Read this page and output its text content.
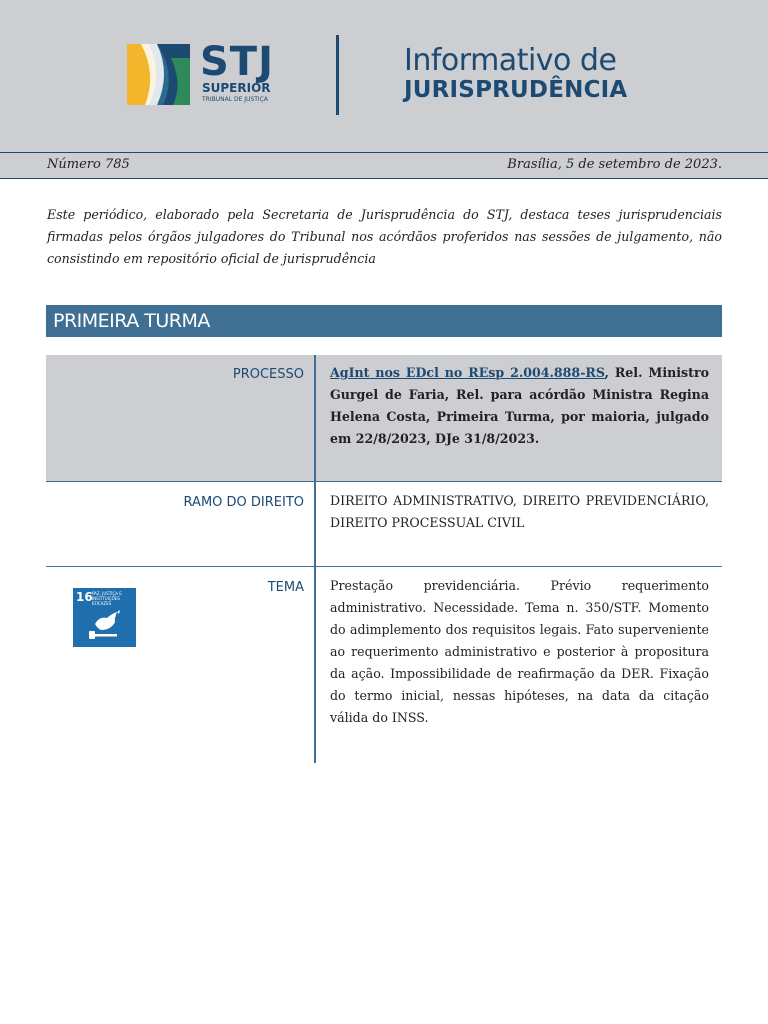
STJ
SUPERIOR
TRIBUNAL DE JUSTIÇA
Informativo de
JURISPRUDÊNCIA
Número 785	Brasília, 5 de setembro de 2023.
Este periódico, elaborado pela Secretaria de Jurisprudência do STJ, destaca teses jurisprudenciais firmadas pelos órgãos julgadores do Tribunal nos acórdãos proferidos nas sessões de julgamento, não consistindo em repositório oficial de jurisprudência
PRIMEIRA TURMA
PROCESSO AgInt nos EDcl no REsp 2.004.888-RS, Rel. Ministro Gurgel de Faria, Rel. para acórdão Ministra Regina Helena Costa, Primeira Turma, por maioria, julgado em 22/8/2023, DJe 31/8/2023.
RAMO DO DIREITO DIREITO ADMINISTRATIVO, DIREITO PREVIDENCIÁRIO, DIREITO PROCESSUAL CIVIL
16 PAZ, JUSTIÇA E INSTITUIÇÕES EFICAZES
TEMA Prestação previdenciária. Prévio requerimento administrativo. Necessidade. Tema n. 350/STF. Momento do adimplemento dos requisitos legais. Fato superveniente ao requerimento administrativo e posterior à propositura da ação. Impossibilidade de reafirmação da DER. Fixação do termo inicial, nessas hipóteses, na data da citação válida do INSS.
